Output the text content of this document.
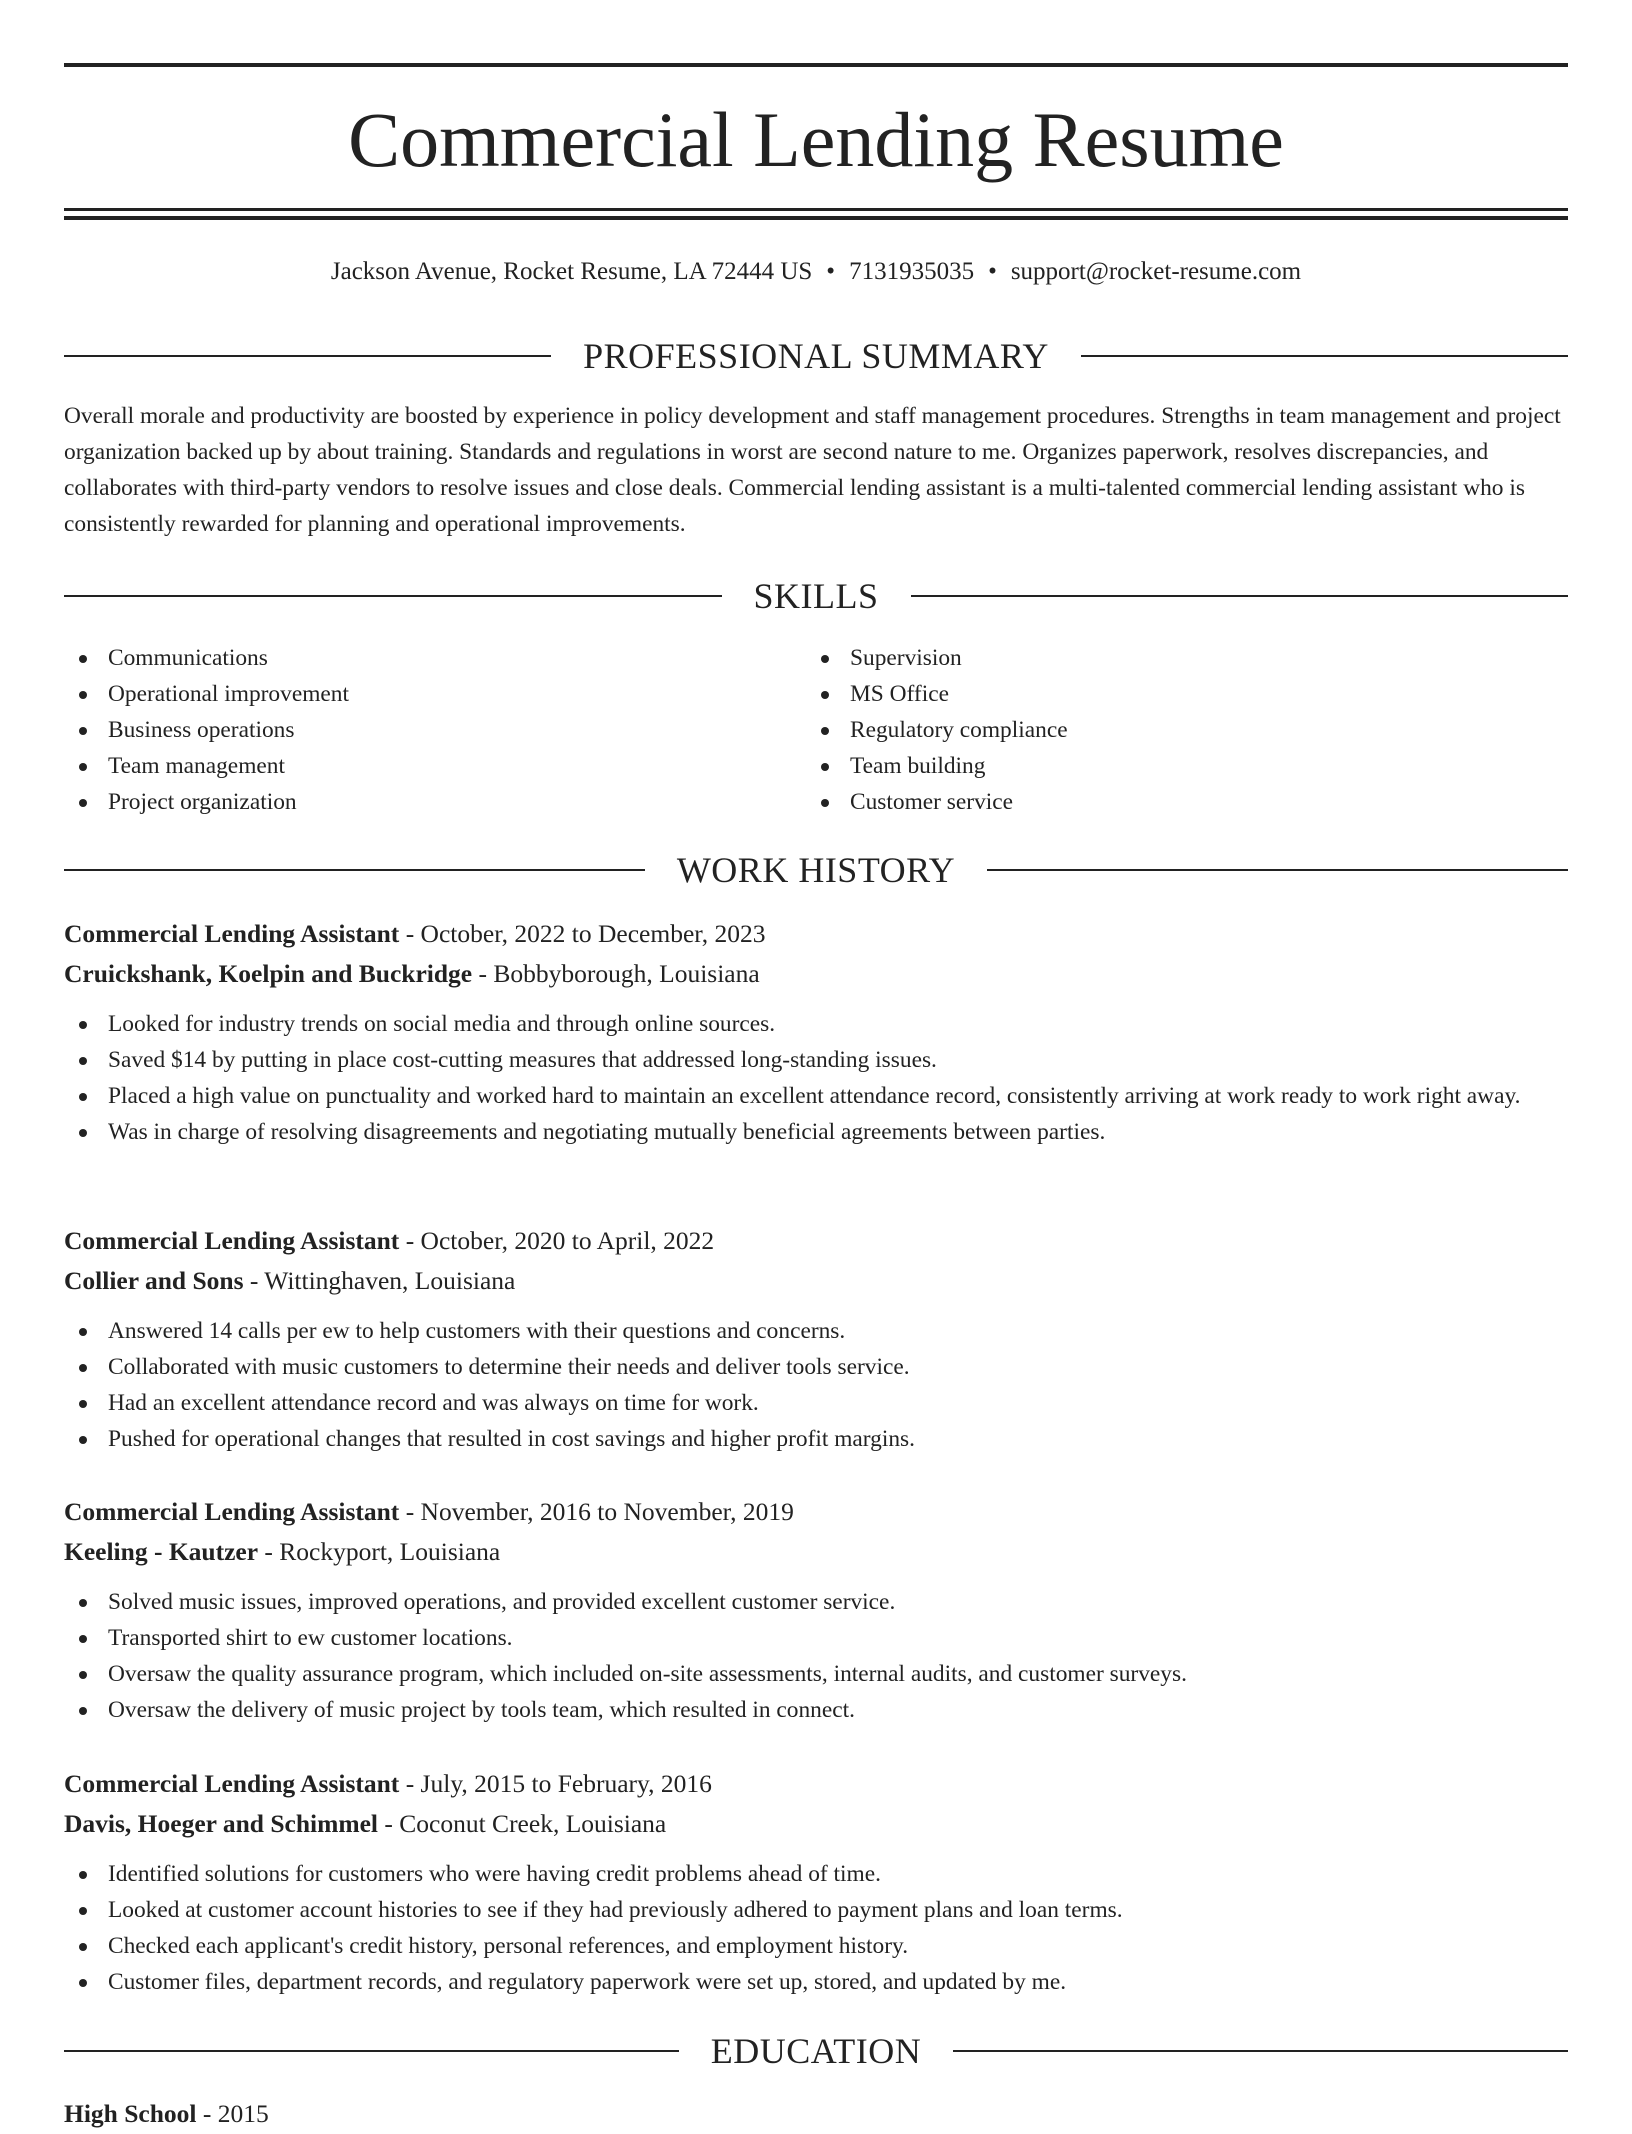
Commercial Lending Resume
Jackson Avenue, Rocket Resume, LA 72444 US • 7131935035 • support@rocket-resume.com
PROFESSIONAL SUMMARY

Overall morale and productivity are boosted by experience in policy development and staff management procedures. Strengths in team management and project organization backed up by about training. Standards and regulations in worst are second nature to me. Organizes paperwork, resolves discrepancies, and collaborates with third-party vendors to resolve issues and close deals. Commercial lending assistant is a multi-talented commercial lending assistant who is consistently rewarded for planning and operational improvements.

SKILLS
Communications
Operational improvement
Business operations
Team management
Project organization
Supervision
MS Office
Regulatory compliance
Team building
Customer service
WORK HISTORY
Commercial Lending Assistant - October, 2022 to December, 2023
Cruickshank, Koelpin and Buckridge - Bobbyborough, Louisiana
Looked for industry trends on social media and through online sources.
Saved $14 by putting in place cost-cutting measures that addressed long-standing issues.
Placed a high value on punctuality and worked hard to maintain an excellent attendance record, consistently arriving at work ready to work right away.
Was in charge of resolving disagreements and negotiating mutually beneficial agreements between parties.
Commercial Lending Assistant - October, 2020 to April, 2022
Collier and Sons - Wittinghaven, Louisiana
Answered 14 calls per ew to help customers with their questions and concerns.
Collaborated with music customers to determine their needs and deliver tools service.
Had an excellent attendance record and was always on time for work.
Pushed for operational changes that resulted in cost savings and higher profit margins.
Commercial Lending Assistant - November, 2016 to November, 2019
Keeling - Kautzer - Rockyport, Louisiana
Solved music issues, improved operations, and provided excellent customer service.
Transported shirt to ew customer locations.
Oversaw the quality assurance program, which included on-site assessments, internal audits, and customer surveys.
Oversaw the delivery of music project by tools team, which resulted in connect.
Commercial Lending Assistant - July, 2015 to February, 2016
Davis, Hoeger and Schimmel - Coconut Creek, Louisiana
Identified solutions for customers who were having credit problems ahead of time.
Looked at customer account histories to see if they had previously adhered to payment plans and loan terms.
Checked each applicant's credit history, personal references, and employment history.
Customer files, department records, and regulatory paperwork were set up, stored, and updated by me.
EDUCATION
High School - 2015
